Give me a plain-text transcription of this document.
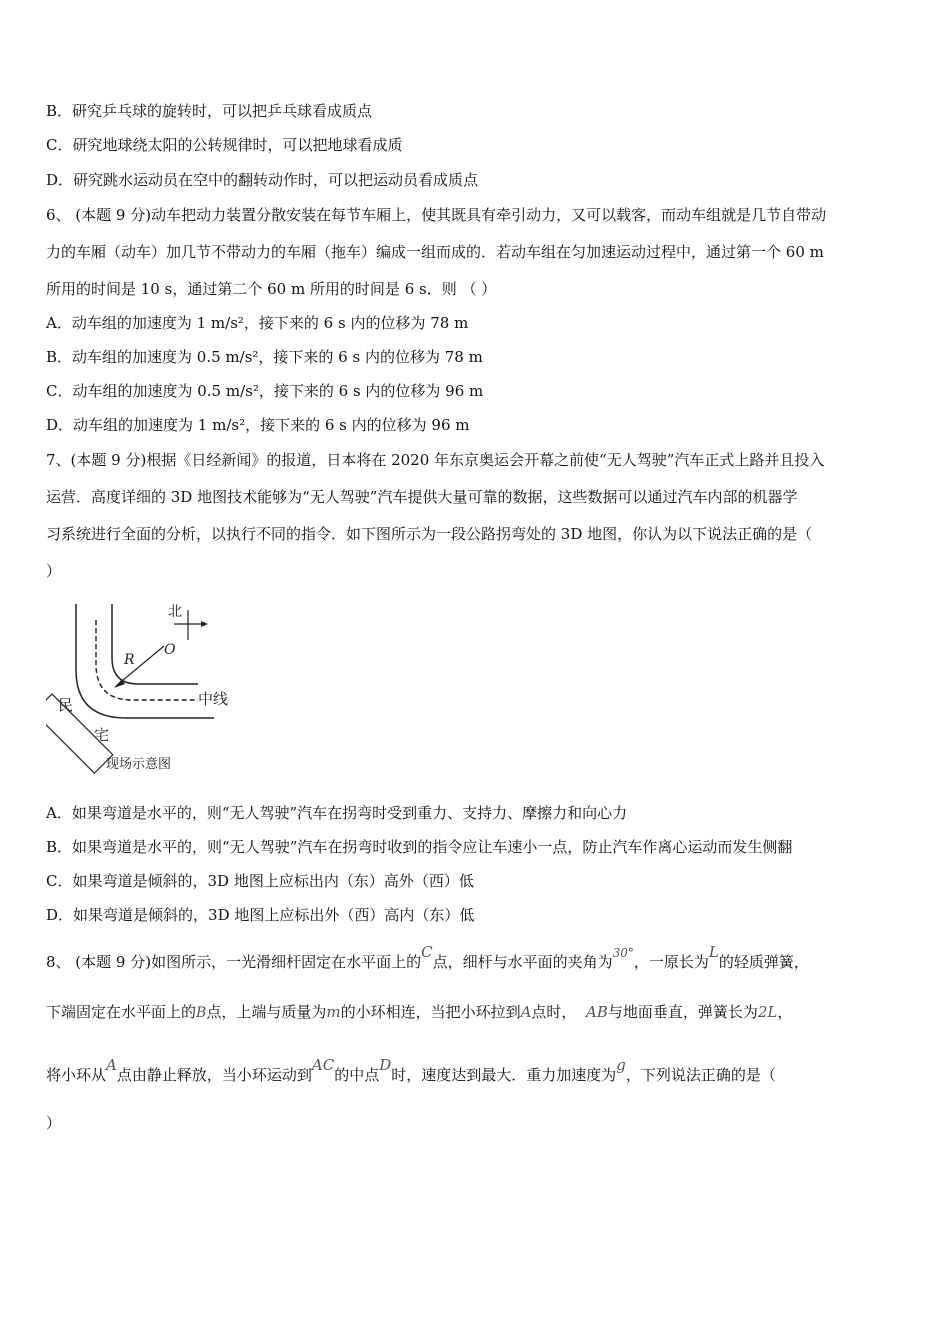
B．研究乒乓球的旋转时，可以把乒乓球看成质点
C．研究地球绕太阳的公转规律时，可以把地球看成质
D．研究跳水运动员在空中的翻转动作时，可以把运动员看成质点
6、 (本题 9 分)动车把动力装置分散安装在每节车厢上，使其既具有牵引动力，又可以载客，而动车组就是几节自带动
力的车厢（动车）加几节不带动力的车厢（拖车）编成一组而成的．若动车组在匀加速运动过程中，通过第一个 60 m
所用的时间是 10 s，通过第二个 60 m 所用的时间是 6 s．则 （ ）
A．动车组的加速度为 1 m/s²，接下来的 6 s 内的位移为 78 m
B．动车组的加速度为 0.5 m/s²，接下来的 6 s 内的位移为 78 m
C．动车组的加速度为 0.5 m/s²，接下来的 6 s 内的位移为 96 m
D．动车组的加速度为 1 m/s²，接下来的 6 s 内的位移为 96 m
7、(本题 9 分)根据《日经新闻》的报道，日本将在 2020 年东京奥运会开幕之前使“无人驾驶”汽车正式上路并且投入
运营．高度详细的 3D 地图技术能够为“无人驾驶”汽车提供大量可靠的数据，这些数据可以通过汽车内部的机器学
习系统进行全面的分析，以执行不同的指令．如下图所示为一段公路拐弯处的 3D 地图，你认为以下说法正确的是（
）
北
O
R
中线
民
宅
现场示意图
A．如果弯道是水平的，则“无人驾驶”汽车在拐弯时受到重力、支持力、摩擦力和向心力
B．如果弯道是水平的，则“无人驾驶”汽车在拐弯时收到的指令应让车速小一点，防止汽车作离心运动而发生侧翻
C．如果弯道是倾斜的，3D 地图上应标出内（东）高外（西）低
D．如果弯道是倾斜的，3D 地图上应标出外（西）高内（东）低
8、 (本题 9 分)如图所示，一光滑细杆固定在水平面上的C点，细杆与水平面的夹角为30°，一原长为L的轻质弹簧，
下端固定在水平面上的B点，上端与质量为m的小环相连，当把小环拉到A点时， AB与地面垂直，弹簧长为2L，
将小环从A点由静止释放，当小环运动到AC的中点D时，速度达到最大．重力加速度为g，下列说法正确的是（
）
